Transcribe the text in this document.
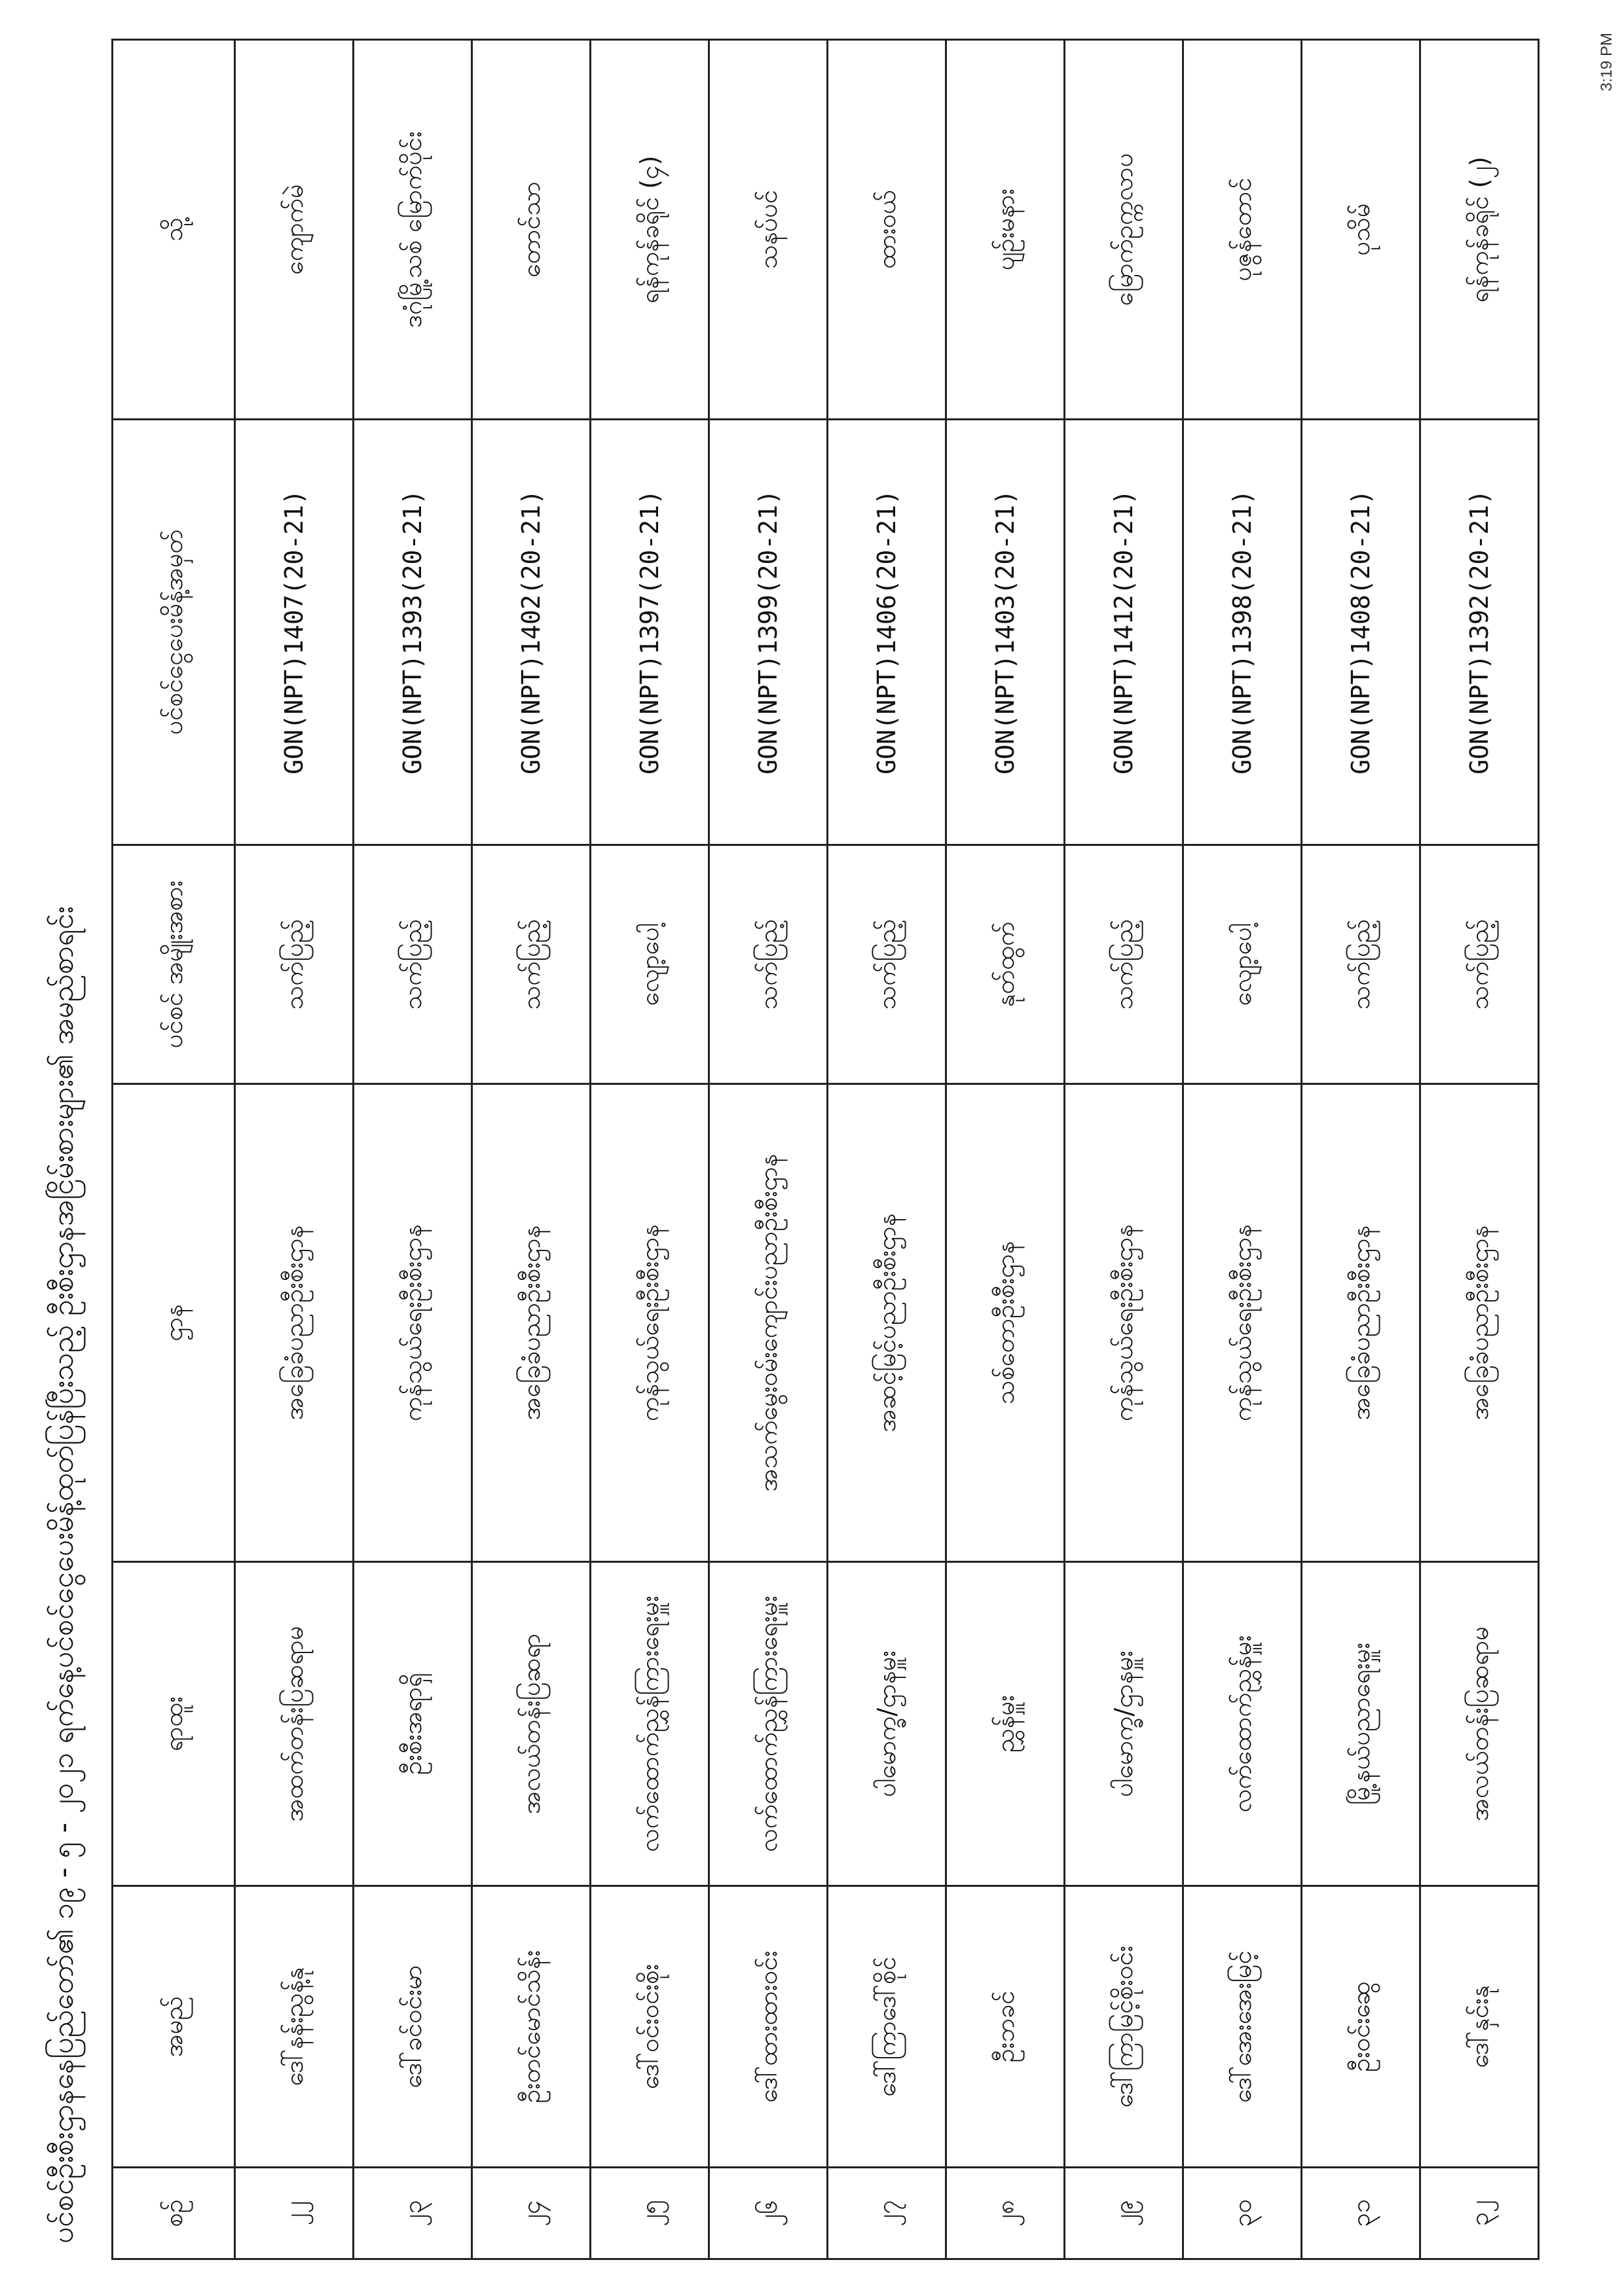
ပင်စင်ဦးစီးဌာနနေပြည်တော်၏ ၁၉ - ၅ - ၂၀၂၁ ရက်နေ့ပင်စင်ငွေပေးမိန့်ထုတ်ပြန်ပြီးသည့် ဦးစီးဌာနအငြိမ်းစားများ၏ အမည်စာရင်း	စဉ်	အမည်	ရာထူး	ဌာန	ပင်စင် အမျိုးအစား	ပင်စင်ငွေပေးမိန့်အမှတ်	သို့
၂၂	ဒေါ်နန်းညွန့်နု	အထက်တန်းပြဆရာမ	အခြေခံပညာဦးစီးဌာန	သက်ပြည့်	GON(NPT)1407(20-21)	ကျောက်မဲ
၂၃	ဒေါ်ခင်ဝင်းမာ	ဦးစီးအရာရှိ	ကုန်သွယ်ရေးဦးစီးဌာန	သက်ပြည့်	GON(NPT)1393(20-21)	ဒဂုံမြို့သစ် မြောက်ပိုင်း
၂၄	ဦးတင်မောင်သိန်း	အလယ်တန်းပြဆရာ	အခြေခံပညာဦးစီးဌာန	သက်ပြည့်	GON(NPT)1402(20-21)	တောင်သာ
၂၅	ဒေါ်ဝင်းဝင်းစိုး	လက်ထောက်ညွှန်ကြားရေးမှူး	ကုန်သွယ်ရေးဦးစီးဌာန	လျော့ပေါ့	GON(NPT)1397(20-21)	ရန်ကုန်ခရိုင် (၄)
၂၆	ဒေါ်ထားထားဝင်း	လက်ထောက်ညွှန်ကြားရေးမှူး	အသက်မွေးဝမ်းကျောင်းပညာဦးစီးဌာန	သက်ပြည့်	GON(NPT)1399(20-21)	သနပ်ပင်
၂၇	ဒေါ်ကြာဒေါ်စိုင်	ပါမောက္ခ/ဌာနမှူး	အဆင့်မြင့်ပညာဦးစီးဌာန	သက်ပြည့်	GON(NPT)1406(20-21)	ထားဝယ်
၂၈	ဦးဘခင်	ညွှန်မှူး	သစ်တောဦးစီးဌာန	နုတ်ထွက်	GON(NPT)1403(20-21)	ပျဉ်းမနား
၂၉	ဒေါ်ကြာမြင့်စိုးဝင်း	ပါမောက္ခ/ဌာနမှူး	ကုန်သွယ်ရေးဦးစီးဌာန	သက်ပြည့်	GON(NPT)1412(20-21)	မြောက်ဥက္ကလာပ
၃၀	ဒေါ်အေးအေးမြင့်	လက်ထောက်ညွှန်မှူး	ကုန်သွယ်ရေးဦးစီးဌာန	လျော့ပေါ့	GON(NPT)1398(20-21)	ပုဇွန်တောင်
၃၁	ဦးဝင်းဆွေ	မြို့နယ်ပညာရေးမှူး	အခြေခံပညာဦးစီးဌာန	သက်ပြည့်	GON(NPT)1408(20-21)	ပုသိမ်
၃၂	ဒေါ်နှင်းနု	အလယ်တန်းပြဆရာမ	အခြေခံပညာဦးစီးဌာန	သက်ပြည့်	GON(NPT)1392(20-21)	ရန်ကုန်ခရိုင် (၂)
3:19 PM
